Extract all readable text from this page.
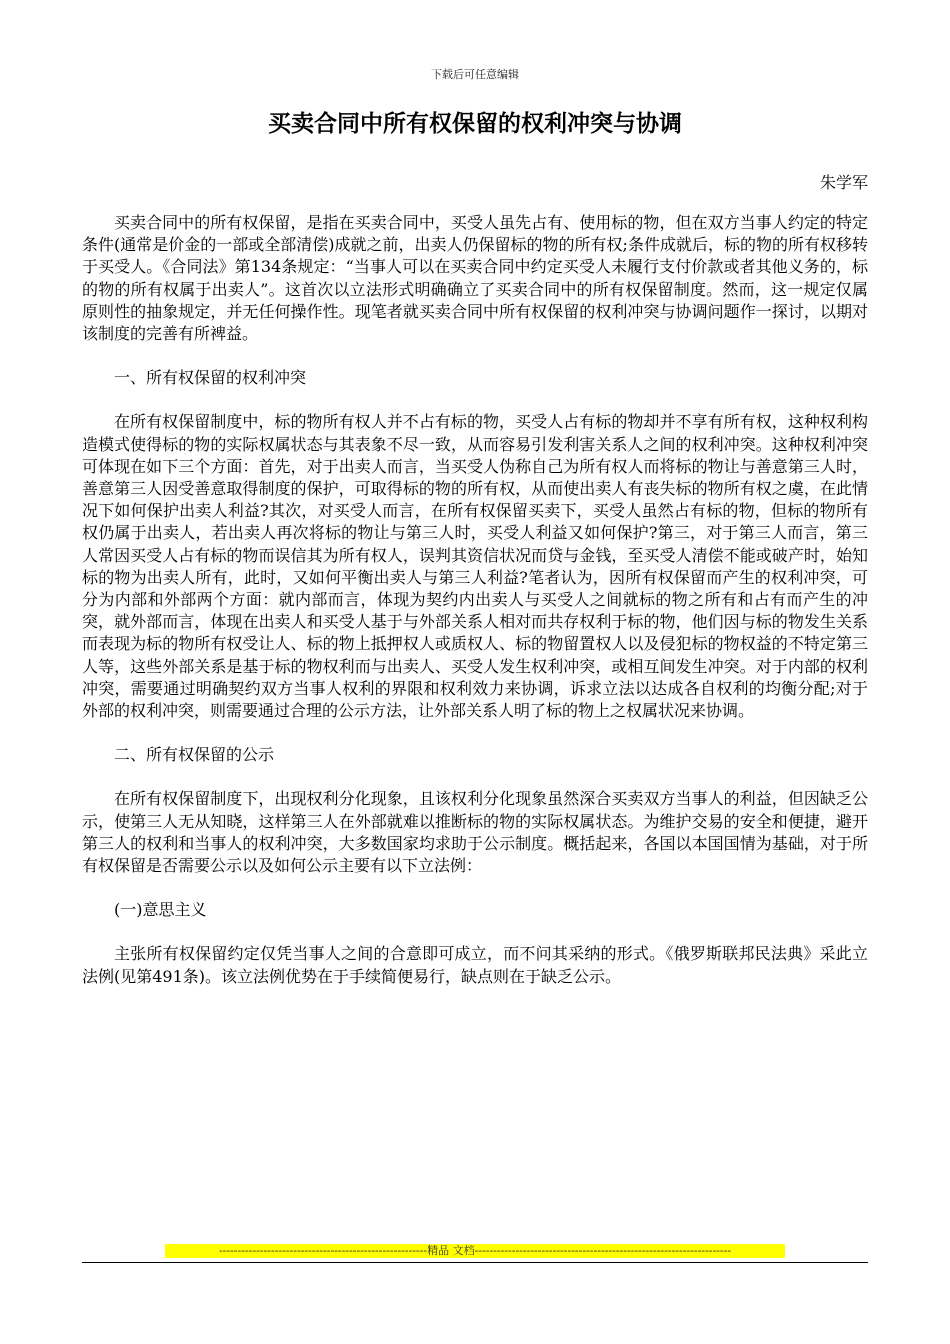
下载后可任意编辑
买卖合同中所有权保留的权利冲突与协调
朱学军

买卖合同中的所有权保留，是指在买卖合同中，买受人虽先占有、使用标的物，但在双方当事人约定的特定条件(通常是价金的一部或全部清偿)成就之前，出卖人仍保留标的物的所有权;条件成就后，标的物的所有权移转于买受人。《合同法》第134条规定：“当事人可以在买卖合同中约定买受人未履行支付价款或者其他义务的，标的物的所有权属于出卖人”。这首次以立法形式明确确立了买卖合同中的所有权保留制度。然而，这一规定仅属原则性的抽象规定，并无任何操作性。现笔者就买卖合同中所有权保留的权利冲突与协调问题作一探讨，以期对该制度的完善有所裨益。

一、所有权保留的权利冲突

在所有权保留制度中，标的物所有权人并不占有标的物，买受人占有标的物却并不享有所有权，这种权利构造模式使得标的物的实际权属状态与其表象不尽一致，从而容易引发利害关系人之间的权利冲突。这种权利冲突可体现在如下三个方面：首先，对于出卖人而言，当买受人伪称自己为所有权人而将标的物让与善意第三人时，善意第三人因受善意取得制度的保护，可取得标的物的所有权，从而使出卖人有丧失标的物所有权之虞，在此情况下如何保护出卖人利益?其次，对买受人而言，在所有权保留买卖下，买受人虽然占有标的物，但标的物所有权仍属于出卖人，若出卖人再次将标的物让与第三人时，买受人利益又如何保护?第三，对于第三人而言，第三人常因买受人占有标的物而误信其为所有权人，误判其资信状况而贷与金钱，至买受人清偿不能或破产时，始知标的物为出卖人所有，此时，又如何平衡出卖人与第三人利益?笔者认为，因所有权保留而产生的权利冲突，可分为内部和外部两个方面：就内部而言，体现为契约内出卖人与买受人之间就标的物之所有和占有而产生的冲突，就外部而言，体现在出卖人和买受人基于与外部关系人相对而共存权利于标的物，他们因与标的物发生关系而表现为标的物所有权受让人、标的物上抵押权人或质权人、标的物留置权人以及侵犯标的物权益的不特定第三人等，这些外部关系是基于标的物权利而与出卖人、买受人发生权利冲突，或相互间发生冲突。对于内部的权利冲突，需要通过明确契约双方当事人权利的界限和权利效力来协调，诉求立法以达成各自权利的均衡分配;对于外部的权利冲突，则需要通过合理的公示方法，让外部关系人明了标的物上之权属状况来协调。

二、所有权保留的公示

在所有权保留制度下，出现权利分化现象，且该权利分化现象虽然深合买卖双方当事人的利益，但因缺乏公示，使第三人无从知晓，这样第三人在外部就难以推断标的物的实际权属状态。为维护交易的安全和便捷，避开第三人的权利和当事人的权利冲突，大多数国家均求助于公示制度。概括起来，各国以本国国情为基础，对于所有权保留是否需要公示以及如何公示主要有以下立法例：

(一)意思主义

主张所有权保留约定仅凭当事人之间的合意即可成立，而不问其采纳的形式。《俄罗斯联邦民法典》采此立法例(见第491条)。该立法例优势在于手续简便易行，缺点则在于缺乏公示。

--------------------------------------------------------精品 文档---------------------------------------------------------------------
